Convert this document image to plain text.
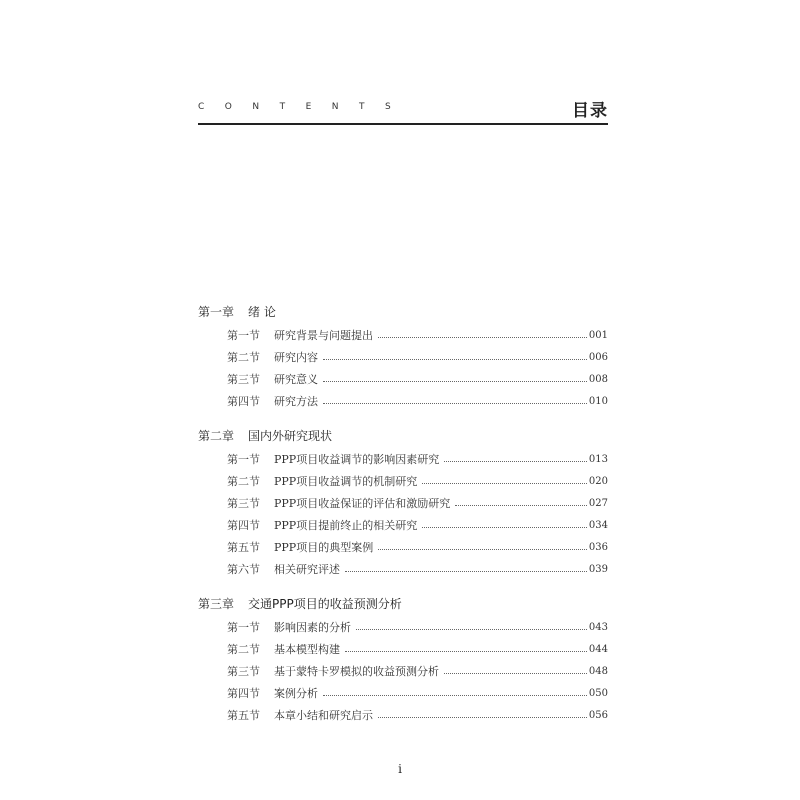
CONTENTS	目录
第一章 绪 论
第一节	研究背景与问题提出	001
第二节	研究内容	006
第三节	研究意义	008
第四节	研究方法	010
第二章 国内外研究现状
第一节	PPP项目收益调节的影响因素研究	013
第二节	PPP项目收益调节的机制研究	020
第三节	PPP项目收益保证的评估和激励研究	027
第四节	PPP项目提前终止的相关研究	034
第五节	PPP项目的典型案例	036
第六节	相关研究评述	039
第三章 交通PPP项目的收益预测分析
第一节	影响因素的分析	043
第二节	基本模型构建	044
第三节	基于蒙特卡罗模拟的收益预测分析	048
第四节	案例分析	050
第五节	本章小结和研究启示	056
i
